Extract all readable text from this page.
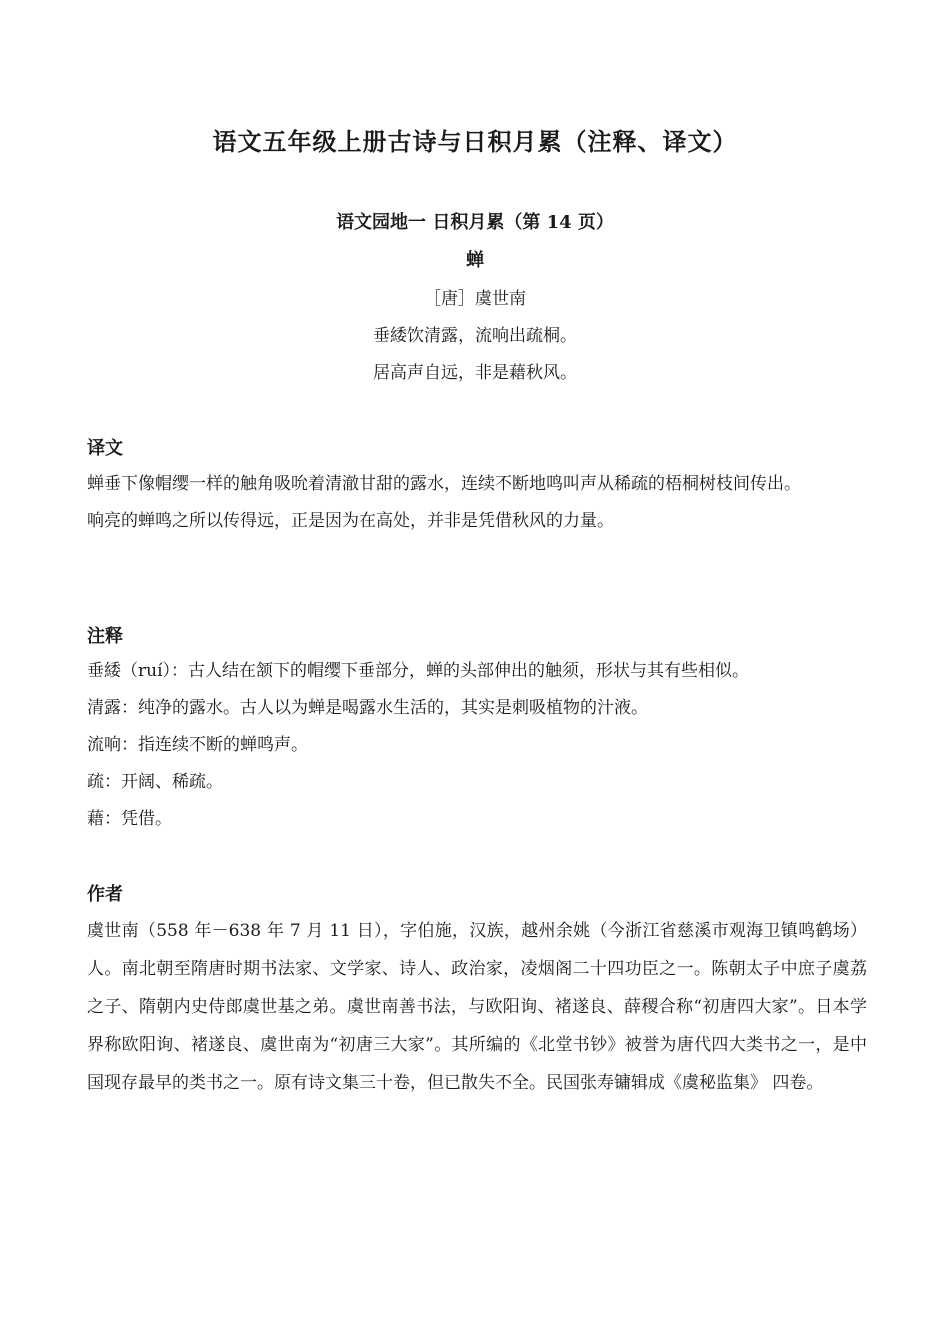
语文五年级上册古诗与日积月累（注释、译文）
语文园地一 日积月累（第 14 页）
蝉
［唐］虞世南
垂緌饮清露，流响出疏桐。
居高声自远，非是藉秋风。
译文

蝉垂下像帽缨一样的触角吸吮着清澈甘甜的露水，连续不断地鸣叫声从稀疏的梧桐树枝间传出。

响亮的蝉鸣之所以传得远，正是因为在高处，并非是凭借秋风的力量。

注释

垂緌（ruí）：古人结在颔下的帽缨下垂部分，蝉的头部伸出的触须，形状与其有些相似。

清露：纯净的露水。古人以为蝉是喝露水生活的，其实是刺吸植物的汁液。

流响：指连续不断的蝉鸣声。

疏：开阔、稀疏。

藉：凭借。

作者

虞世南（558 年－638 年 7 月 11 日），字伯施，汉族，越州余姚（今浙江省慈溪市观海卫镇鸣鹤场）人。南北朝至隋唐时期书法家、文学家、诗人、政治家，凌烟阁二十四功臣之一。陈朝太子中庶子虞荔之子、隋朝内史侍郎虞世基之弟。虞世南善书法，与欧阳询、褚遂良、薛稷合称“初唐四大家”。日本学界称欧阳询、褚遂良、虞世南为“初唐三大家”。其所编的《北堂书钞》被誉为唐代四大类书之一，是中国现存最早的类书之一。原有诗文集三十卷，但已散失不全。民国张寿镛辑成《虞秘监集》 四卷。
